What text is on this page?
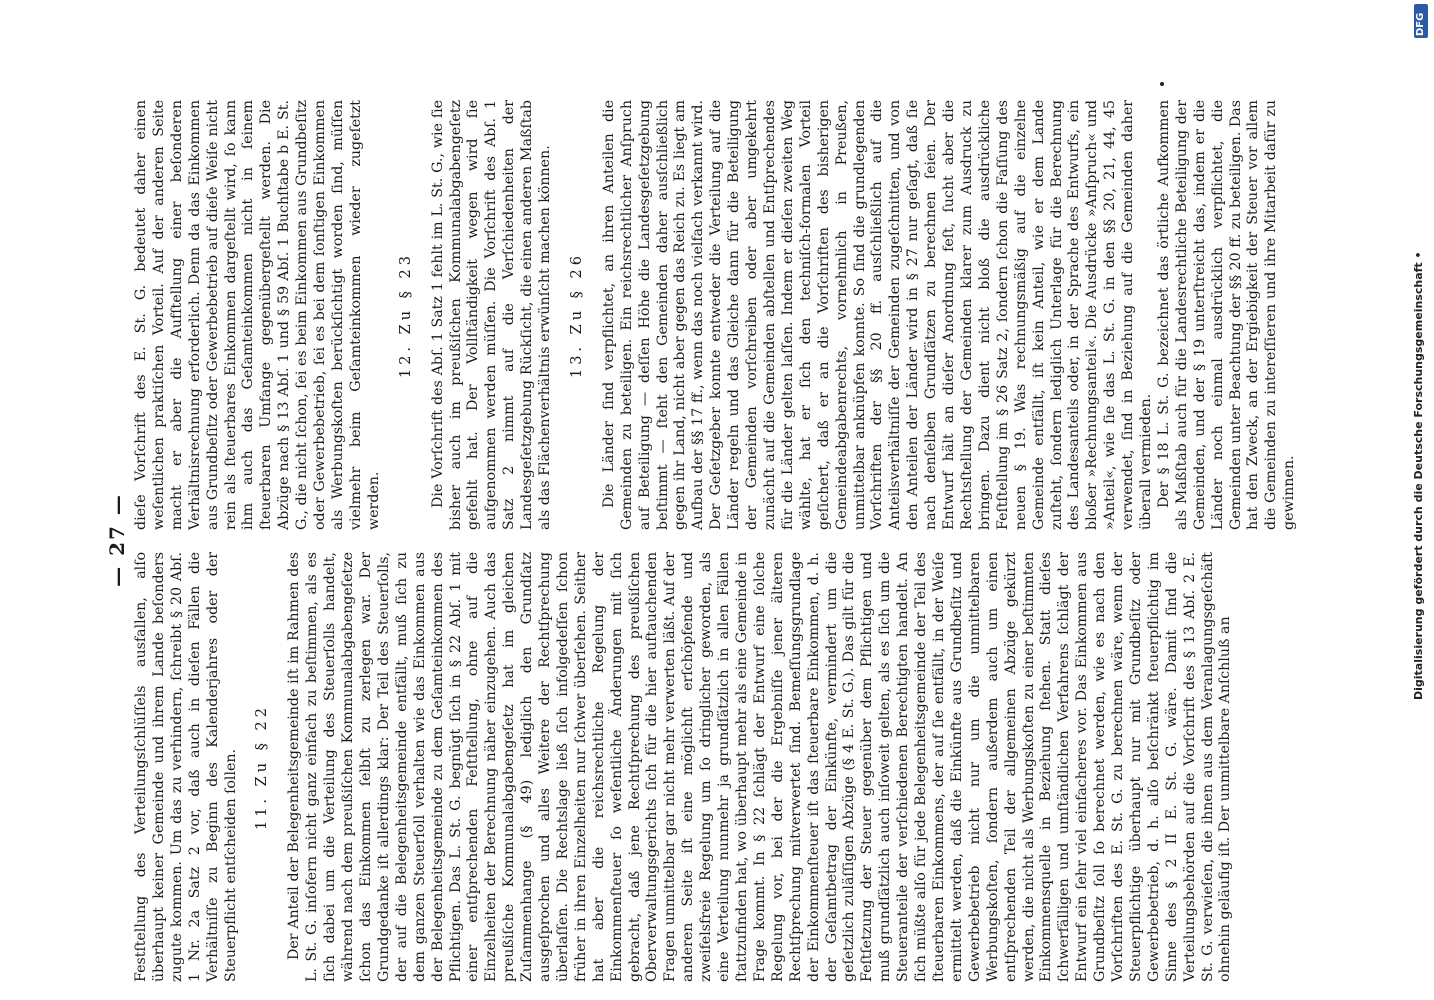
— 27 —

Festſtellung des Verteilungsſchlüſſels ausfallen, alſo überhaupt keiner Gemeinde und ihrem Lande beſonders zugute kommen. Um das zu verhindern, ſchreibt § 20 Abſ. 1 Nr. 2a Satz 2 vor, daß auch in dieſen Fällen die Verhältniſſe zu Beginn des Kalenderjahres oder der Steuerpflicht entſcheiden ſollen. 11. Zu § 22 Der Anteil der Belegenheitsgemeinde iſt im Rahmen des L. St. G. inſofern nicht ganz einfach zu beſtimmen, als es ſich dabei um die Verteilung des Steuerſolls handelt, während nach dem preußiſchen Kommunalabgabengeſetze ſchon das Einkommen ſelbſt zu zerlegen war. Der Grundgedanke iſt allerdings klar: Der Teil des Steuerſolls, der auf die Belegenheitsgemeinde entfällt, muß ſich zu dem ganzen Steuerſoll verhalten wie das Einkommen aus der Belegenheitsgemeinde zu dem Geſamteinkommen des Pflichtigen. Das L. St. G. begnügt ſich in § 22 Abſ. 1 mit einer entſprechenden Feſtſtellung, ohne auf die Einzelheiten der Berechnung näher einzugehen. Auch das preußiſche Kommunalabgabengeſetz hat im gleichen Zuſammenhange (§ 49) lediglich den Grundſatz ausgeſprochen und alles Weitere der Rechtſprechung überlaſſen. Die Rechtslage ließ ſich infolgedeſſen ſchon früher in ihren Einzelheiten nur ſchwer überſehen. Seither hat aber die reichsrechtliche Regelung der Einkommenſteuer ſo weſentliche Änderungen mit ſich gebracht, daß jene Rechtſprechung des preußiſchen Oberverwaltungsgerichts ſich für die hier auftauchenden Fragen unmittelbar gar nicht mehr verwerten läßt. Auf der anderen Seite iſt eine möglichſt erſchöpfende und zweifelsfreie Regelung um ſo dringlicher geworden, als eine Verteilung nunmehr ja grundſätzlich in allen Fällen ſtattzufinden hat, wo überhaupt mehr als eine Gemeinde in Frage kommt. In § 22 ſchlägt der Entwurf eine ſolche Regelung vor, bei der die Ergebniſſe jener älteren Rechtſprechung mitverwertet ſind. Bemeſſungsgrundlage der Einkommenſteuer iſt das ſteuerbare Einkommen, d. h. der Geſamtbetrag der Einkünfte, vermindert um die geſetzlich zuläſſigen Abzüge (§ 4 E. St. G.). Das gilt für die Feſtſetzung der Steuer gegenüber dem Pflichtigen und muß grundſätzlich auch inſoweit gelten, als es ſich um die Steueranteile der verſchiedenen Berechtigten handelt. An ſich müßte alſo für jede Belegenheitsgemeinde der Teil des ſteuerbaren Einkommens, der auf ſie entfällt, in der Weiſe ermittelt werden, daß die Einkünfte aus Grundbeſitz und Gewerbebetrieb nicht nur um die unmittelbaren Werbungskoſten, ſondern außerdem auch um einen entſprechenden Teil der allgemeinen Abzüge gekürzt werden, die nicht als Werbungskoſten zu einer beſtimmten Einkommensquelle in Beziehung ſtehen. Statt dieſes ſchwerfälligen und umſtändlichen Verfahrens ſchlägt der Entwurf ein ſehr viel einfacheres vor. Das Einkommen aus Grundbeſitz ſoll ſo berechnet werden, wie es nach den Vorſchriften des E. St. G. zu berechnen wäre, wenn der Steuerpflichtige überhaupt nur mit Grundbeſitz oder Gewerbebetrieb, d. h. alſo beſchränkt ſteuerpflichtig im Sinne des § 2 II E. St. G. wäre. Damit ſind die Verteilungsbehörden auf die Vorſchrift des § 13 Abſ. 2 E. St. G. verwieſen, die ihnen aus dem Veranlagungsgeſchäft ohnehin geläufig iſt. Der unmittelbare Anſchluß an

dieſe Vorſchrift des E. St. G. bedeutet daher einen weſentlichen praktiſchen Vorteil. Auf der anderen Seite macht er aber die Aufſtellung einer beſonderen Verhältnisrechnung erforderlich. Denn da das Einkommen aus Grundbeſitz oder Gewerbebetrieb auf dieſe Weiſe nicht rein als ſteuerbares Einkommen dargeſtellt wird, ſo kann ihm auch das Geſamteinkommen nicht in ſeinem ſteuerbaren Umfange gegenübergeſtellt werden. Die Abzüge nach § 13 Abſ. 1 und § 59 Abſ. 1 Buchſtabe b E. St. G., die nicht ſchon, ſei es beim Einkommen aus Grundbeſitz oder Gewerbebetrieb, ſei es bei dem ſonſtigen Einkommen als Werbungskoſten berückſichtigt worden ſind, müſſen vielmehr beim Geſamteinkommen wieder zugeſetzt werden.

12. Zu § 23 Die Vorſchrift des Abſ. 1 Satz 1 fehlt im L. St. G., wie ſie bisher auch im preußiſchen Kommunalabgabengeſetz gefehlt hat. Der Vollſtändigkeit wegen wird ſie aufgenommen werden müſſen. Die Vorſchrift des Abſ. 1 Satz 2 nimmt auf die Verſchiedenheiten der Landesgeſetzgebung Rückſicht, die einen anderen Maßſtab als das Flächenverhältnis erwünſcht machen können. 13. Zu § 26 Die Länder ſind verpflichtet, an ihren Anteilen die Gemeinden zu beteiligen. Ein reichsrechtlicher Anſpruch auf Beteiligung — deſſen Höhe die Landesgeſetzgebung beſtimmt — ſteht den Gemeinden daher ausſchließlich gegen ihr Land, nicht aber gegen das Reich zu. Es liegt am Aufbau der §§ 17 ff., wenn das noch vielfach verkannt wird. Der Geſetzgeber konnte entweder die Verteilung auf die Länder regeln und das Gleiche dann für die Beteiligung der Gemeinden vorſchreiben oder aber umgekehrt zunächſt auf die Gemeinden abſtellen und Entſprechendes für die Länder gelten laſſen. Indem er dieſen zweiten Weg wählte, hat er ſich den techniſch-formalen Vorteil geſichert, daß er an die Vorſchriften des bisherigen Gemeindeabgabenrechts, vornehmlich in Preußen, unmittelbar anknüpfen konnte. So ſind die grundlegenden Vorſchriften der §§ 20 ff. ausſchließlich auf die Anteilsverhältniſſe der Gemeinden zugeſchnitten, und von den Anteilen der Länder wird in § 27 nur geſagt, daß ſie nach denſelben Grundſätzen zu berechnen ſeien. Der Entwurf hält an dieſer Anordnung feſt, ſucht aber die Rechtsſtellung der Gemeinden klarer zum Ausdruck zu bringen. Dazu dient nicht bloß die ausdrückliche Feſtſtellung im § 26 Satz 2, ſondern ſchon die Faſſung des neuen § 19. Was rechnungsmäßig auf die einzelne Gemeinde entfällt, iſt kein Anteil, wie er dem Lande zuſteht, ſondern lediglich Unterlage für die Berechnung des Landesanteils oder, in der Sprache des Entwurfs, ein bloßer »Rechnungsanteil«. Die Ausdrücke »Anſpruch« und »Anteil«, wie ſie das L. St. G. in den §§ 20, 21, 44, 45 verwendet, ſind in Beziehung auf die Gemeinden daher überall vermieden. Der § 18 L. St. G. bezeichnet das örtliche Aufkommen als Maßſtab auch für die Landesrechtliche Beteiligung der Gemeinden, und der § 19 unterſtreicht das, indem er die Länder noch einmal ausdrücklich verpflichtet, die Gemeinden unter Beachtung der §§ 20 ff. zu beteiligen. Das hat den Zweck, an der Ergiebigkeit der Steuer vor allem die Gemeinden zu intereſſieren und ihre Mitarbeit dafür zu gewinnen.	Digitalisierung gefördert durch die Deutsche Forschungsgemeinschaft •
DFG
